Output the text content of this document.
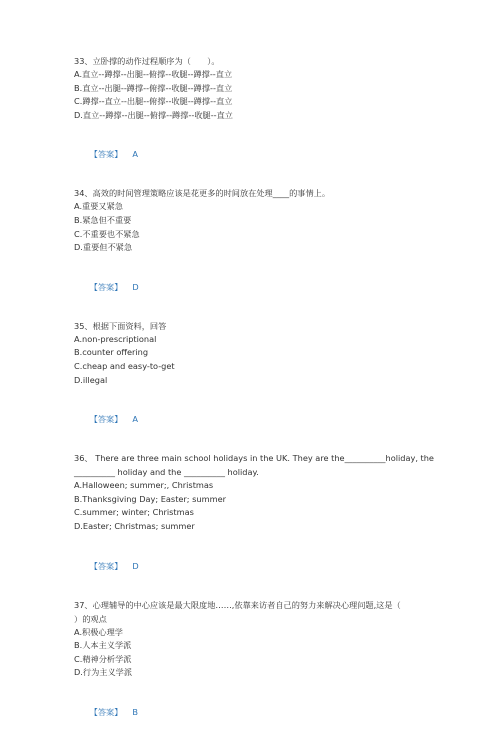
33、立卧撑的动作过程顺序为（　　）。
A.直立--蹲撑--出腿--俯撑--收腿--蹲撑--直立
B.直立--出腿--蹲撑--俯撑--收腿--蹲撑--直立
C.蹲撑--直立--出腿--俯撑--收腿--蹲撑--直立
D.直立--蹲撑--出腿--俯撑--蹲撑--收腿--直立

【答案】 A

34、高效的时间管理策略应该是花更多的时间放在处理____的事情上。
A.重要又紧急
B.紧急但不重要
C.不重要也不紧急
D.重要但不紧急

【答案】 D

35、根据下面资料，回答
A.non-prescriptional
B.counter offering
C.cheap and easy-to-get
D.illegal

【答案】 A

36、 There are three main school holidays in the UK. They are the__________holiday, the
__________ holiday and the __________ holiday.
A.Halloween; summer;, Christmas
B.Thanksgiving Day; Easter; summer
C.summer; winter; Christmas
D.Easter; Christmas; summer

【答案】 D

37、心理辅导的中心应该是最大限度地……,依靠来访者自己的努力来解决心理问题,这是（
）的观点
A.积极心理学
B.人本主义学派
C.精神分析学派
D.行为主义学派

【答案】 B
